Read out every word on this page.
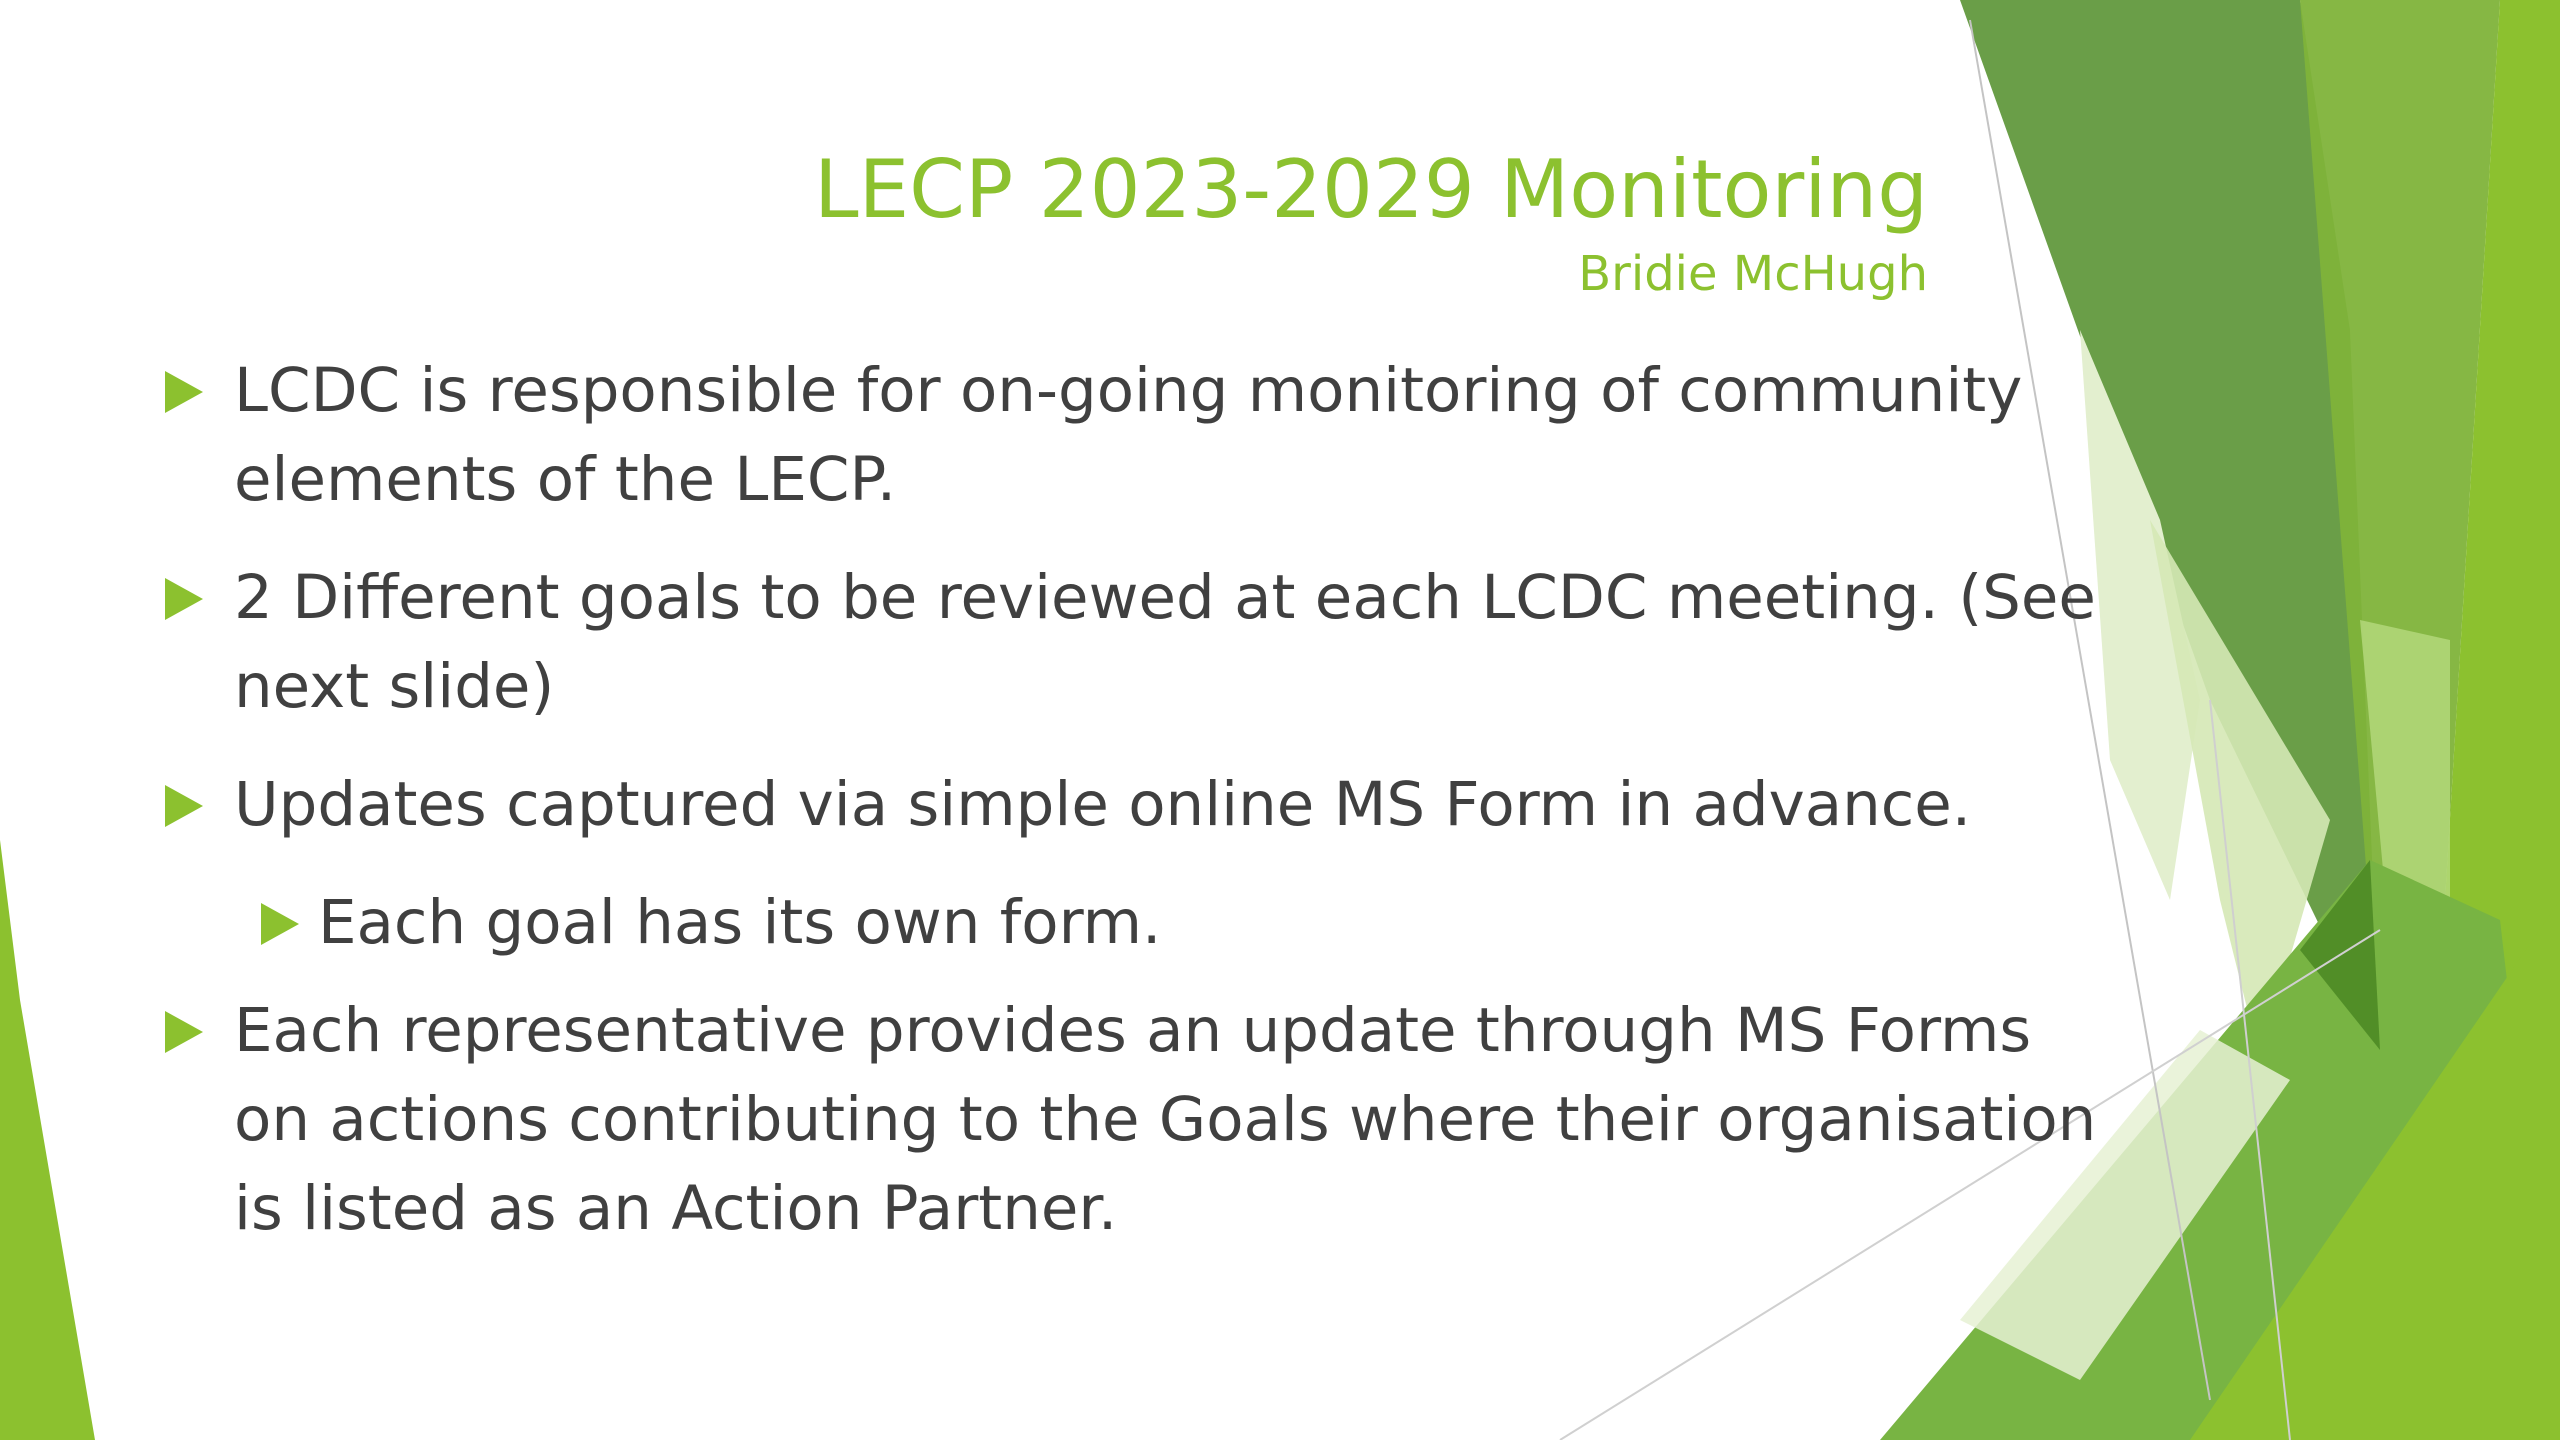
LECP 2023-2029 Monitoring
Bridie McHugh
LCDC is responsible for on-going monitoring of community elements of the LECP.
2 Different goals to be reviewed at each LCDC meeting. (See next slide)
Updates captured via simple online MS Form in advance.
Each goal has its own form.
Each representative provides an update through MS Forms on actions contributing to the Goals where their organisation is listed as an Action Partner.
